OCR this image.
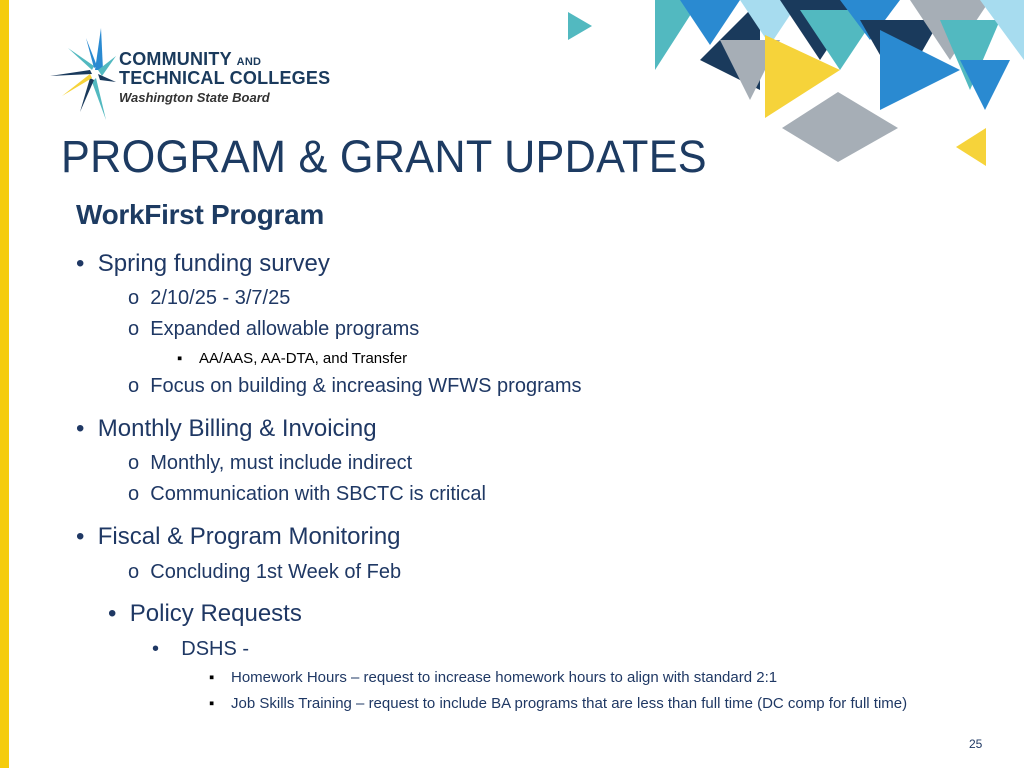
COMMUNITY AND
TECHNICAL COLLEGES
Washington State Board
PROGRAM & GRANT UPDATES
WorkFirst Program
• Spring funding survey
o 2/10/25 - 3/7/25
o Expanded allowable programs
▪ AA/AAS, AA-DTA, and Transfer
o Focus on building & increasing WFWS programs
• Monthly Billing & Invoicing
o Monthly, must include indirect
o Communication with SBCTC is critical
• Fiscal & Program Monitoring
o Concluding 1st Week of Feb
• Policy Requests
• DSHS -
▪ Homework Hours – request to increase homework hours to align with standard 2:1
▪ Job Skills Training – request to include BA programs that are less than full time (DC comp for full time)
25
